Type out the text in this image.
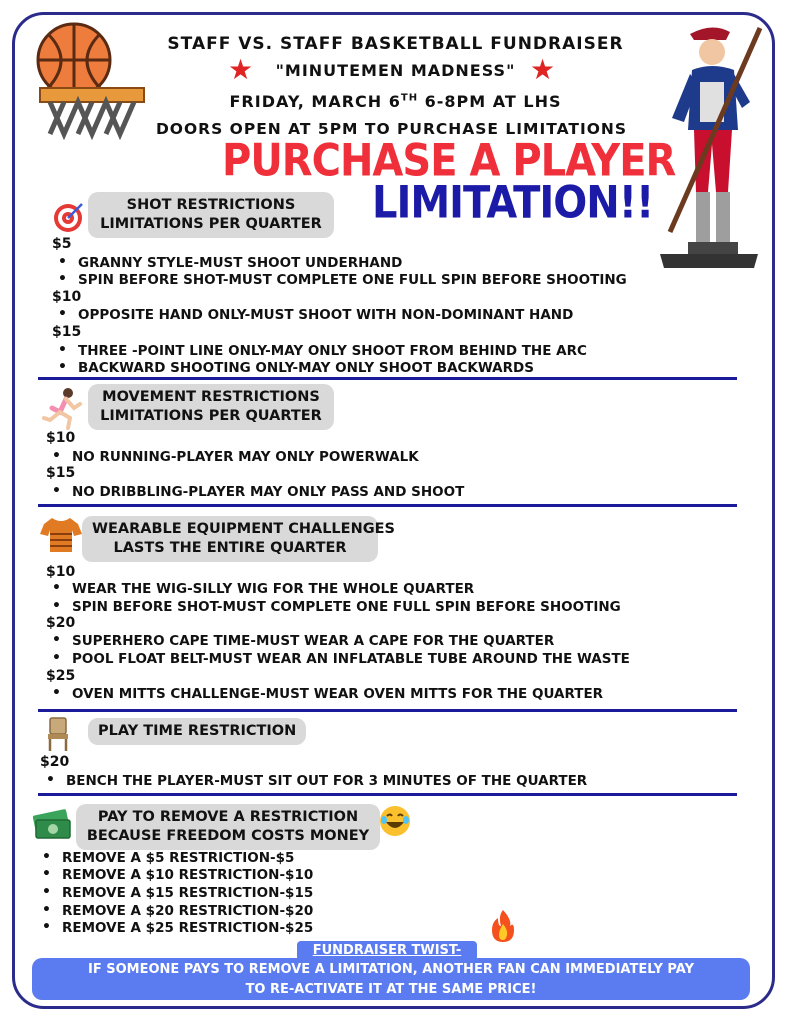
STAFF VS. STAFF BASKETBALL FUNDRAISER
★	"MINUTEMEN MADNESS" ★
FRIDAY, MARCH 6TH 6-8PM AT LHS
DOORS OPEN AT 5PM TO PURCHASE LIMITATIONS
PURCHASE A PLAYER
LIMITATION!!
SHOT RESTRICTIONS
LIMITATIONS PER QUARTER
$5
• GRANNY STYLE-MUST SHOOT UNDERHAND
• SPIN BEFORE SHOT-MUST COMPLETE ONE FULL SPIN BEFORE SHOOTING
$10
• OPPOSITE HAND ONLY-MUST SHOOT WITH NON-DOMINANT HAND
$15
• THREE -POINT LINE ONLY-MAY ONLY SHOOT FROM BEHIND THE ARC
• BACKWARD SHOOTING ONLY-MAY ONLY SHOOT BACKWARDS
MOVEMENT RESTRICTIONS
LIMITATIONS PER QUARTER
$10
• NO RUNNING-PLAYER MAY ONLY POWERWALK
$15
• NO DRIBBLING-PLAYER MAY ONLY PASS AND SHOOT
WEARABLE EQUIPMENT CHALLENGES
LASTS THE ENTIRE QUARTER
$10
• WEAR THE WIG-SILLY WIG FOR THE WHOLE QUARTER
• SPIN BEFORE SHOT-MUST COMPLETE ONE FULL SPIN BEFORE SHOOTING
$20
• SUPERHERO CAPE TIME-MUST WEAR A CAPE FOR THE QUARTER
• POOL FLOAT BELT-MUST WEAR AN INFLATABLE TUBE AROUND THE WASTE
$25
• OVEN MITTS CHALLENGE-MUST WEAR OVEN MITTS FOR THE QUARTER
PLAY TIME RESTRICTION
$20
• BENCH THE PLAYER-MUST SIT OUT FOR 3 MINUTES OF THE QUARTER
PAY TO REMOVE A RESTRICTION
BECAUSE FREEDOM COSTS MONEY
• REMOVE A $5 RESTRICTION-$5
• REMOVE A $10 RESTRICTION-$10
• REMOVE A $15 RESTRICTION-$15
• REMOVE A $20 RESTRICTION-$20
• REMOVE A $25 RESTRICTION-$25
IF SOMEONE PAYS TO REMOVE A LIMITATION, ANOTHER FAN CAN IMMEDIATELY PAY
TO RE-ACTIVATE IT AT THE SAME PRICE!
FUNDRAISER TWIST-
